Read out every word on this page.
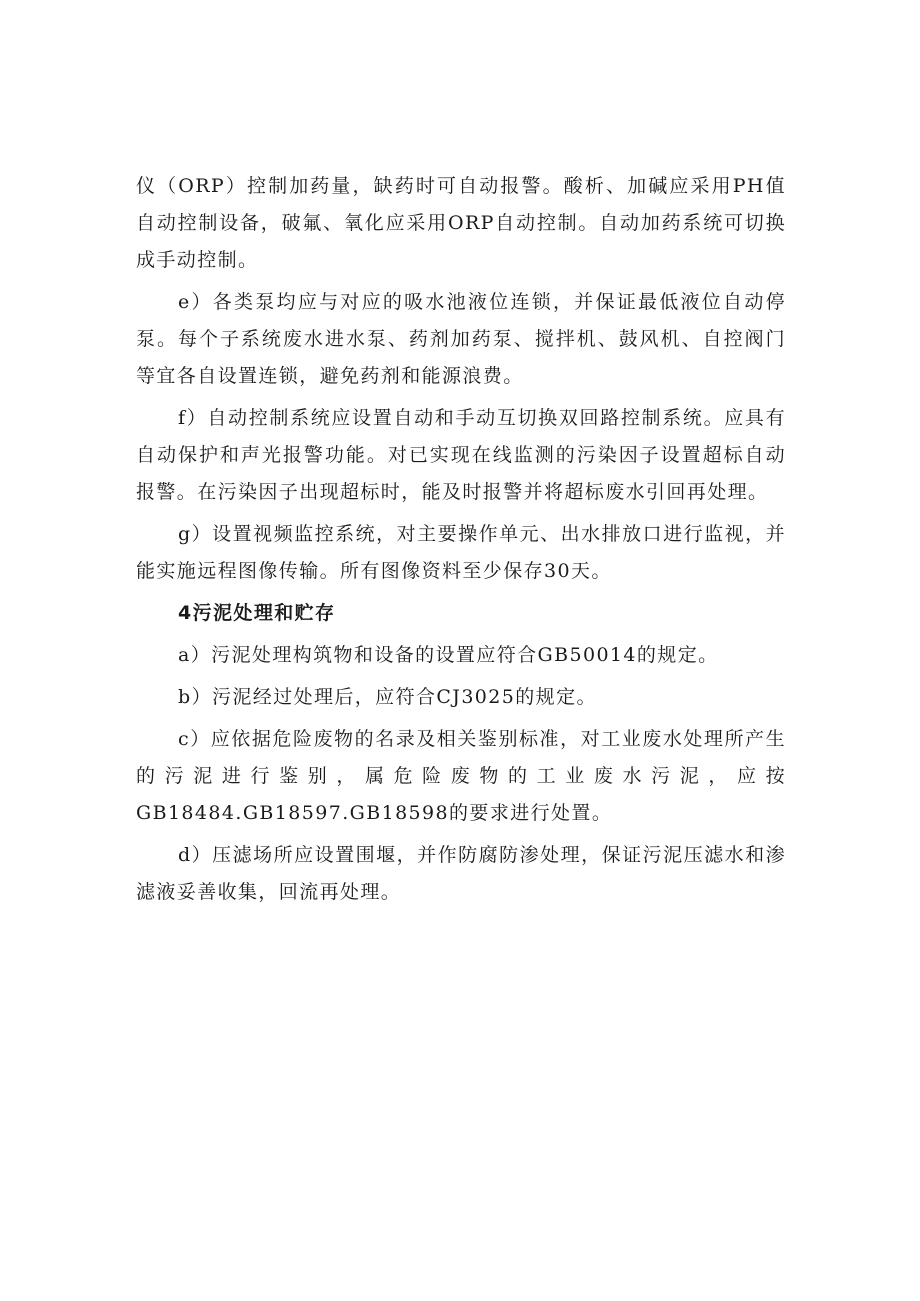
仪（ORP）控制加药量，缺药时可自动报警。酸析、加碱应采用PH值自动控制设备，破氟、氧化应采用ORP自动控制。自动加药系统可切换成手动控制。

e）各类泵均应与对应的吸水池液位连锁，并保证最低液位自动停泵。每个子系统废水进水泵、药剂加药泵、搅拌机、鼓风机、自控阀门等宜各自设置连锁，避免药剂和能源浪费。

f）自动控制系统应设置自动和手动互切换双回路控制系统。应具有自动保护和声光报警功能。对已实现在线监测的污染因子设置超标自动报警。在污染因子出现超标时，能及时报警并将超标废水引回再处理。

g）设置视频监控系统，对主要操作单元、出水排放口进行监视，并能实施远程图像传输。所有图像资料至少保存30天。

4污泥处理和贮存

a）污泥处理构筑物和设备的设置应符合GB50014的规定。

b）污泥经过处理后，应符合CJ3025的规定。

c）应依据危险废物的名录及相关鉴别标准，对工业废水处理所产生的污泥进行鉴别，属危险废物的工业废水污泥，应按GB18484.GB18597.GB18598的要求进行处置。

d）压滤场所应设置围堰，并作防腐防渗处理，保证污泥压滤水和渗滤液妥善收集，回流再处理。
